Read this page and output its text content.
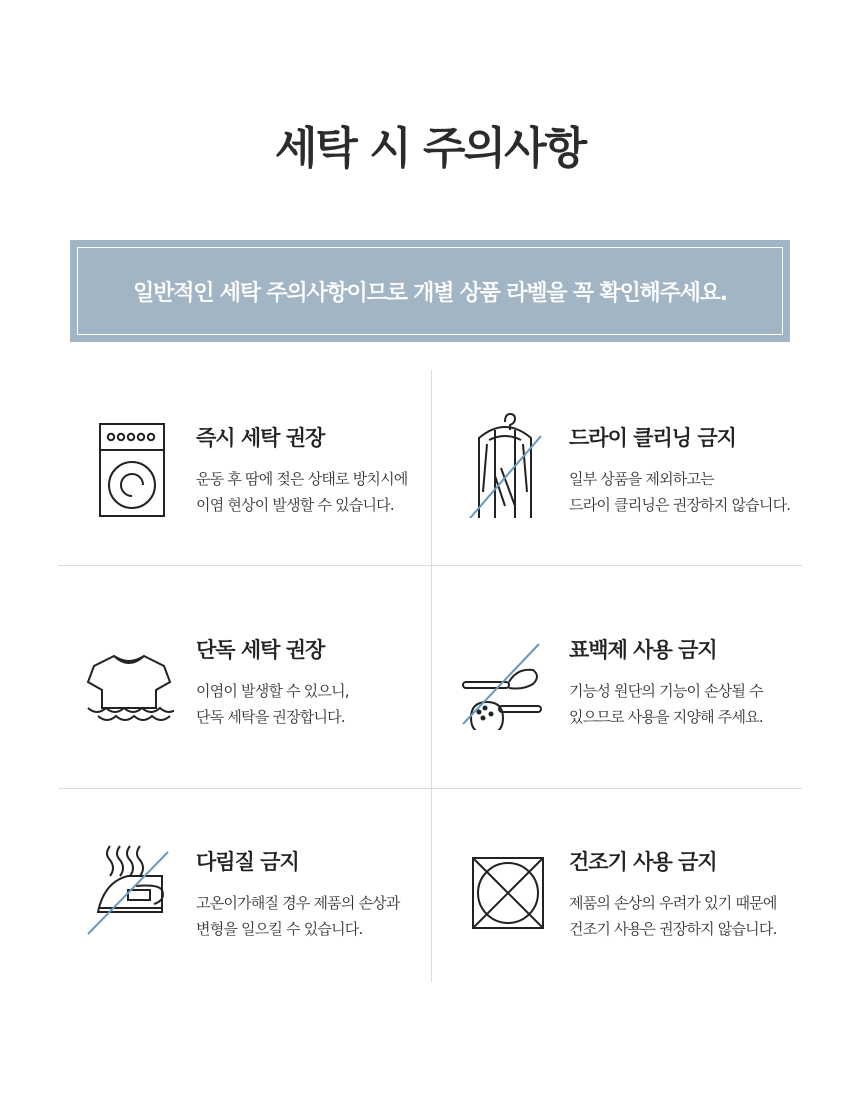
세탁 시 주의사항
일반적인 세탁 주의사항이므로 개별 상품 라벨을 꼭 확인해주세요.
즉시 세탁 권장
운동 후 땀에 젖은 상태로 방치시에
이염 현상이 발생할 수 있습니다.
드라이 클리닝 금지
일부 상품을 제외하고는
드라이 클리닝은 권장하지 않습니다.
단독 세탁 권장
이염이 발생할 수 있으니,
단독 세탁을 권장합니다.
표백제 사용 금지
기능성 원단의 기능이 손상될 수
있으므로 사용을 지양해 주세요.
다림질 금지
고온이가해질 경우 제품의 손상과
변형을 일으킬 수 있습니다.
건조기 사용 금지
제품의 손상의 우려가 있기 때문에
건조기 사용은 권장하지 않습니다.
